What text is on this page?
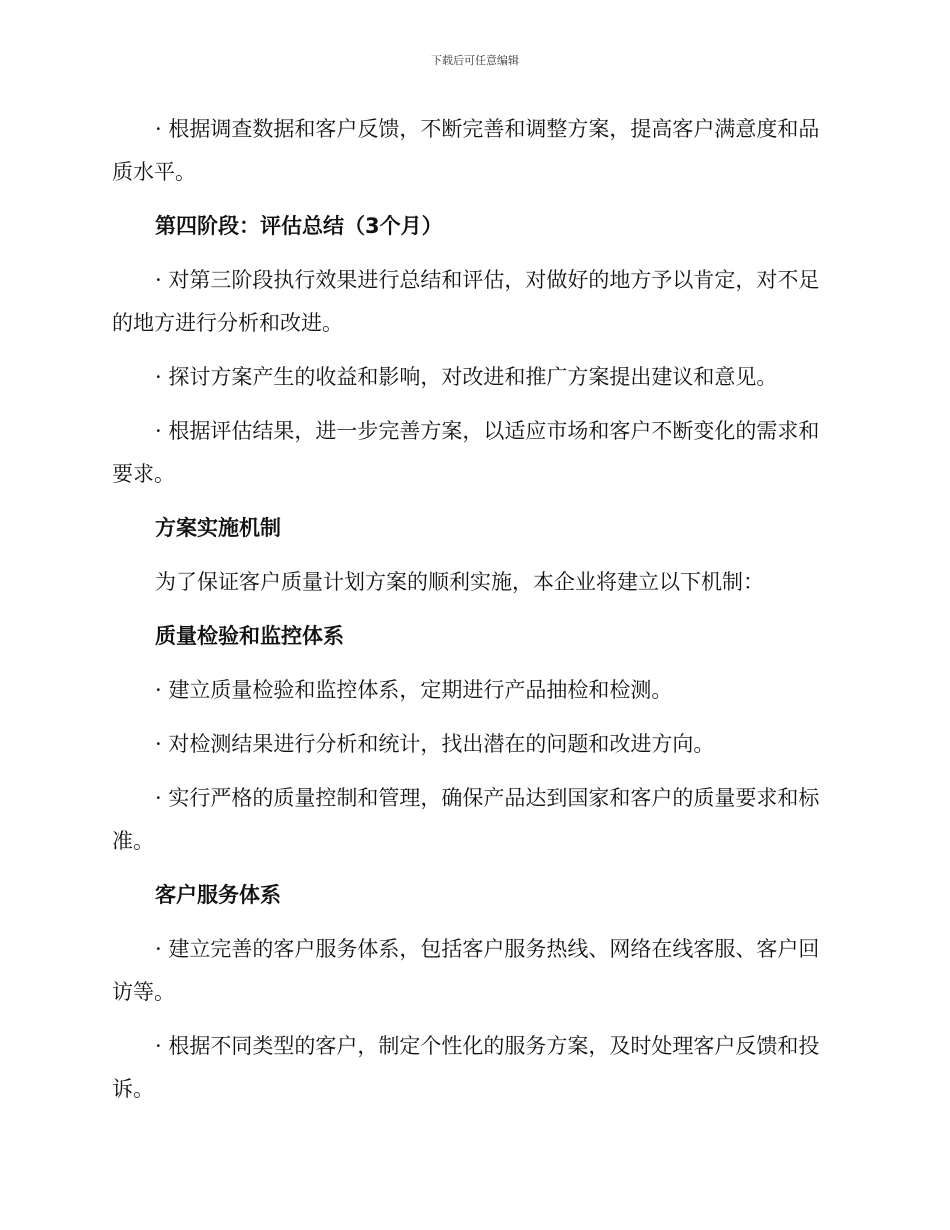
下载后可任意编辑

· 根据调查数据和客户反馈，不断完善和调整方案，提高客户满意度和品质水平。

第四阶段：评估总结（3个月）

· 对第三阶段执行效果进行总结和评估，对做好的地方予以肯定，对不足的地方进行分析和改进。

· 探讨方案产生的收益和影响，对改进和推广方案提出建议和意见。

· 根据评估结果，进一步完善方案，以适应市场和客户不断变化的需求和要求。

方案实施机制

为了保证客户质量计划方案的顺利实施，本企业将建立以下机制：

质量检验和监控体系

· 建立质量检验和监控体系，定期进行产品抽检和检测。

· 对检测结果进行分析和统计，找出潜在的问题和改进方向。

· 实行严格的质量控制和管理，确保产品达到国家和客户的质量要求和标准。

客户服务体系

· 建立完善的客户服务体系，包括客户服务热线、网络在线客服、客户回访等。

· 根据不同类型的客户，制定个性化的服务方案，及时处理客户反馈和投诉。
